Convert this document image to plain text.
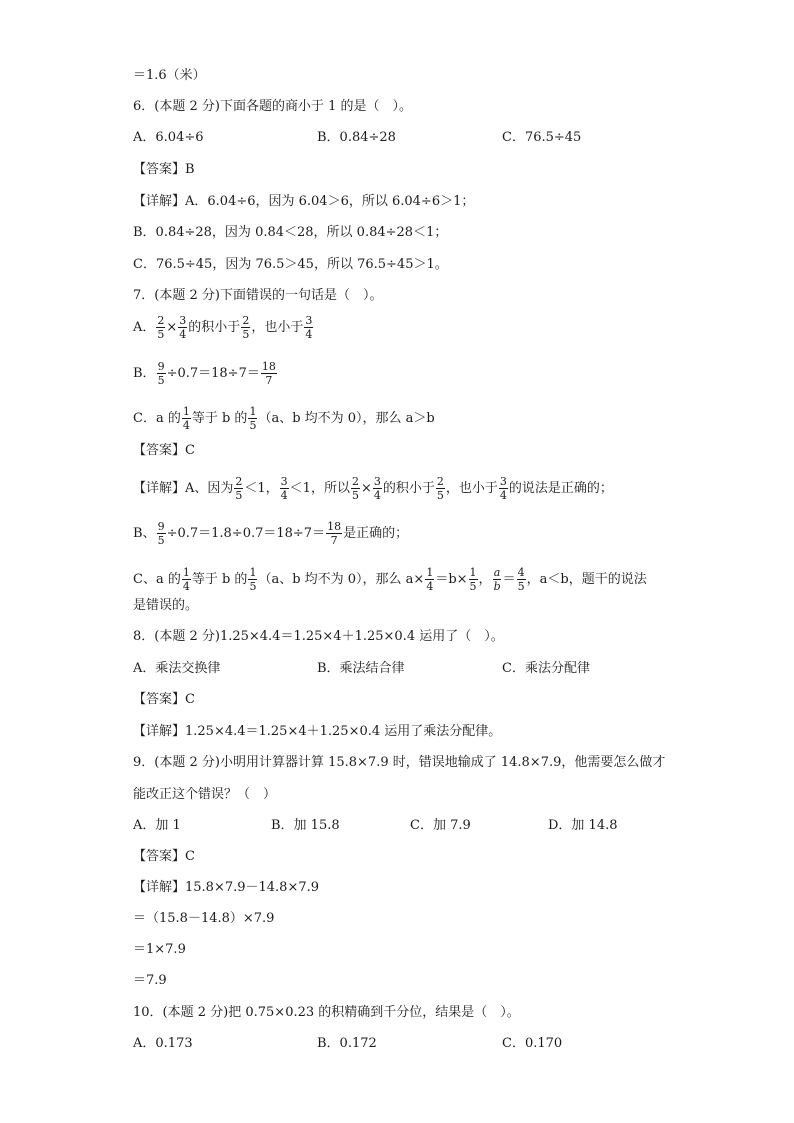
＝1.6（米）
6．(本题 2 分)下面各题的商小于 1 的是（　）。
A．6.04÷6	B．0.84÷28	C．76.5÷45
【答案】B
【详解】A．6.04÷6，因为 6.04＞6，所以 6.04÷6＞1；
B．0.84÷28，因为 0.84＜28，所以 0.84÷28＜1；
C．76.5÷45，因为 76.5＞45，所以 76.5÷45＞1。
7．(本题 2 分)下面错误的一句话是（　）。
A． $\frac{2}{5} \times \frac{3}{4}$ 的积小于 $\frac{2}{5}$ ，也小于 $\frac{3}{4}$
B． $\frac{9}{5} \div 0.7=18\div 7= \frac{18}{7}$
C．a 的 $\frac{1}{4}$ 等于 b 的 $\frac{1}{5} (a$、b 均不为 0），那么 a＞b
【答案】C
【详解】A、因为 $\frac{2}{5} <1$， $\frac{3}{4} <1$，所以 $\frac{2}{5} \times \frac{3}{4}$ 的积小于 $\frac{2}{5}$ ，也小于 $\frac{3}{4}$ 的说法是正确的；
B、 $\frac{9}{5} \div 0.7=1.8\div 0.7=18\div 7= \frac{18}{7}$ 是正确的；
C、a 的 $\frac{1}{4}$ 等于 b 的 $\frac{1}{5} (a$、b 均不为 0），那么 $a\times \frac{1}{4} =b\times \frac{1}{5}$ ， $\frac{a}{b} = \frac{4}{5}$ ，a＜b，题干的说法
是错误的。
8．(本题 2 分)1.25×4.4＝1.25×4＋1.25×0.4 运用了（　）。
A．乘法交换律	B．乘法结合律	C．乘法分配律
【答案】C
【详解】1.25×4.4＝1.25×4＋1.25×0.4 运用了乘法分配律。
9．(本题 2 分)小明用计算器计算 15.8×7.9 时，错误地输成了 14.8×7.9，他需要怎么做才
能改正这个错误？（　）
A．加 1	B．加 15.8	C．加 7.9	D．加 14.8
【答案】C
【详解】15.8×7.9－14.8×7.9
＝（15.8－14.8）×7.9
＝1×7.9
＝7.9
10．(本题 2 分)把 0.75×0.23 的积精确到千分位，结果是（　）。
A．0.173	B．0.172	C．0.170
